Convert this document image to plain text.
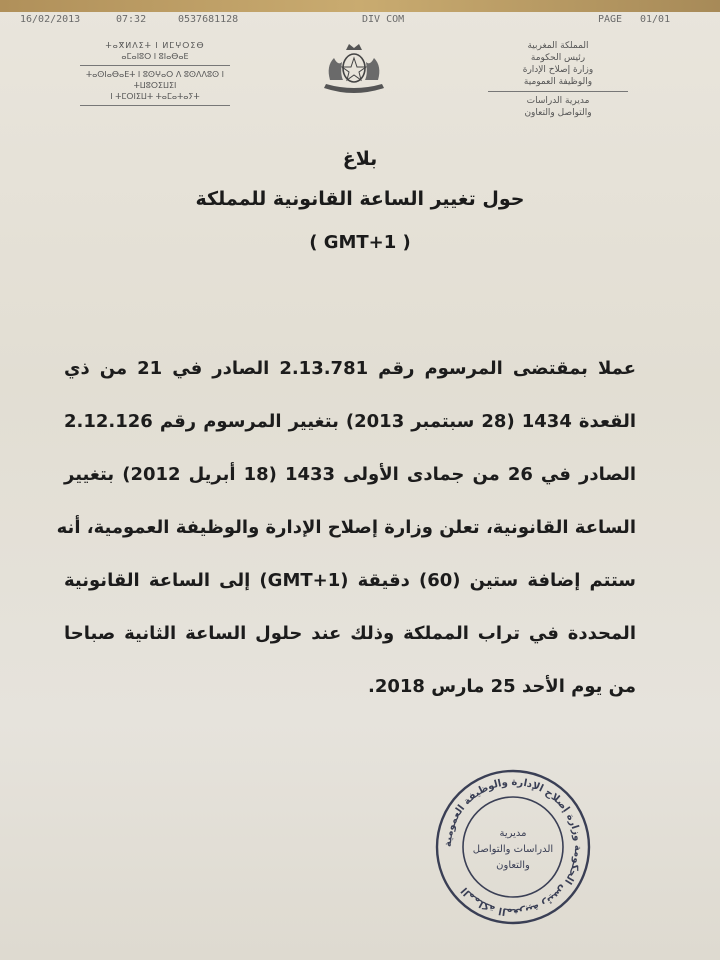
16/02/2013	07:32	0537681128	DIV COM	PAGE 01/01
ⵜⴰⴳⵍⴷⵉⵜ ⵏ ⵍⵎⵖⵔⵉⴱ
ⴰⵎⴰⵏⵓⵔ ⵏ ⵓⵏⴰⴱⴰⴹ
ⵜⴰⵙⵏⴰⴱⴰⴹⵜ ⵏ ⵓⵙⵖⴰⵔ ⴷ ⵓⵙⴷⴷⵓⵙ ⵏ ⵜⵡⵓⵔⵉⵡⵉⵏ
ⵏ ⵜⵎⵔⵏⵉⵡⵜ ⵜⴰⵎⴰⵜⴰⵢⵜ
المملكة المغربية
رئيس الحكومة
وزارة إصلاح الإدارة
والوظيفة العمومية
مديرية الدراسات
والتواصل والتعاون
بلاغ
حول تغيير الساعة القانونية للمملكة
( GMT+1 )
عملا بمقتضى المرسوم رقم 2.13.781 الصادر في 21 من ذي
القعدة 1434 (28 سبتمبر 2013) بتغيير المرسوم رقم 2.12.126
الصادر في 26 من جمادى الأولى 1433 (18 أبريل 2012) بتغيير
الساعة القانونية، تعلن وزارة إصلاح الإدارة والوظيفة العمومية، أنه
ستتم إضافة ستين (60) دقيقة (GMT+1) إلى الساعة القانونية
المحددة في تراب المملكة وذلك عند حلول الساعة الثانية صباحا
من يوم الأحد 25 مارس 2018.
المملكة المغربية رئيس الحكومة وزارة إصلاح الإدارة والوظيفة العمومية
مديرية
الدراسات والتواصل
والتعاون
